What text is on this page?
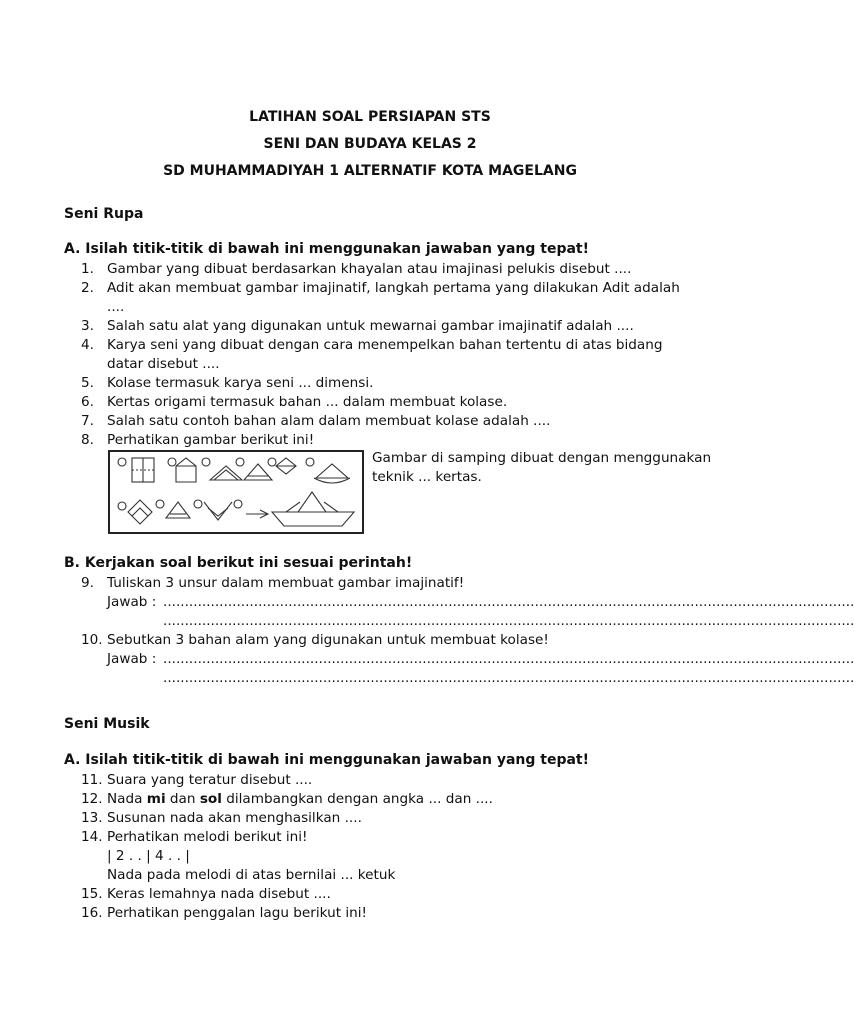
LATIHAN SOAL PERSIAPAN STS
SENI DAN BUDAYA KELAS 2
SD MUHAMMADIYAH 1 ALTERNATIF KOTA MAGELANG
Seni Rupa
A. Isilah titik-titik di bawah ini menggunakan jawaban yang tepat!
1. Gambar yang dibuat berdasarkan khayalan atau imajinasi pelukis disebut ....
2. Adit akan membuat gambar imajinatif, langkah pertama yang dilakukan Adit adalah
....
3. Salah satu alat yang digunakan untuk mewarnai gambar imajinatif adalah ....
4. Karya seni yang dibuat dengan cara menempelkan bahan tertentu di atas bidang
datar disebut ....
5. Kolase termasuk karya seni ... dimensi.
6. Kertas origami termasuk bahan ... dalam membuat kolase.
7. Salah satu contoh bahan alam dalam membuat kolase adalah ....
8. Perhatikan gambar berikut ini!
Gambar di samping dibuat dengan menggunakan teknik ... kertas.
B. Kerjakan soal berikut ini sesuai perintah!
9. Tuliskan 3 unsur dalam membuat gambar imajinatif!
Jawab : ................................................................................................................................................................
................................................................................................................................................................
10. Sebutkan 3 bahan alam yang digunakan untuk membuat kolase!
Jawab : ................................................................................................................................................................
................................................................................................................................................................
Seni Musik
A. Isilah titik-titik di bawah ini menggunakan jawaban yang tepat!
11. Suara yang teratur disebut ....
12. Nada mi dan sol dilambangkan dengan angka ... dan ....
13. Susunan nada akan menghasilkan ....
14. Perhatikan melodi berikut ini!
| 2 . . | 4 . . |
Nada pada melodi di atas bernilai ... ketuk
15. Keras lemahnya nada disebut ....
16. Perhatikan penggalan lagu berikut ini!
